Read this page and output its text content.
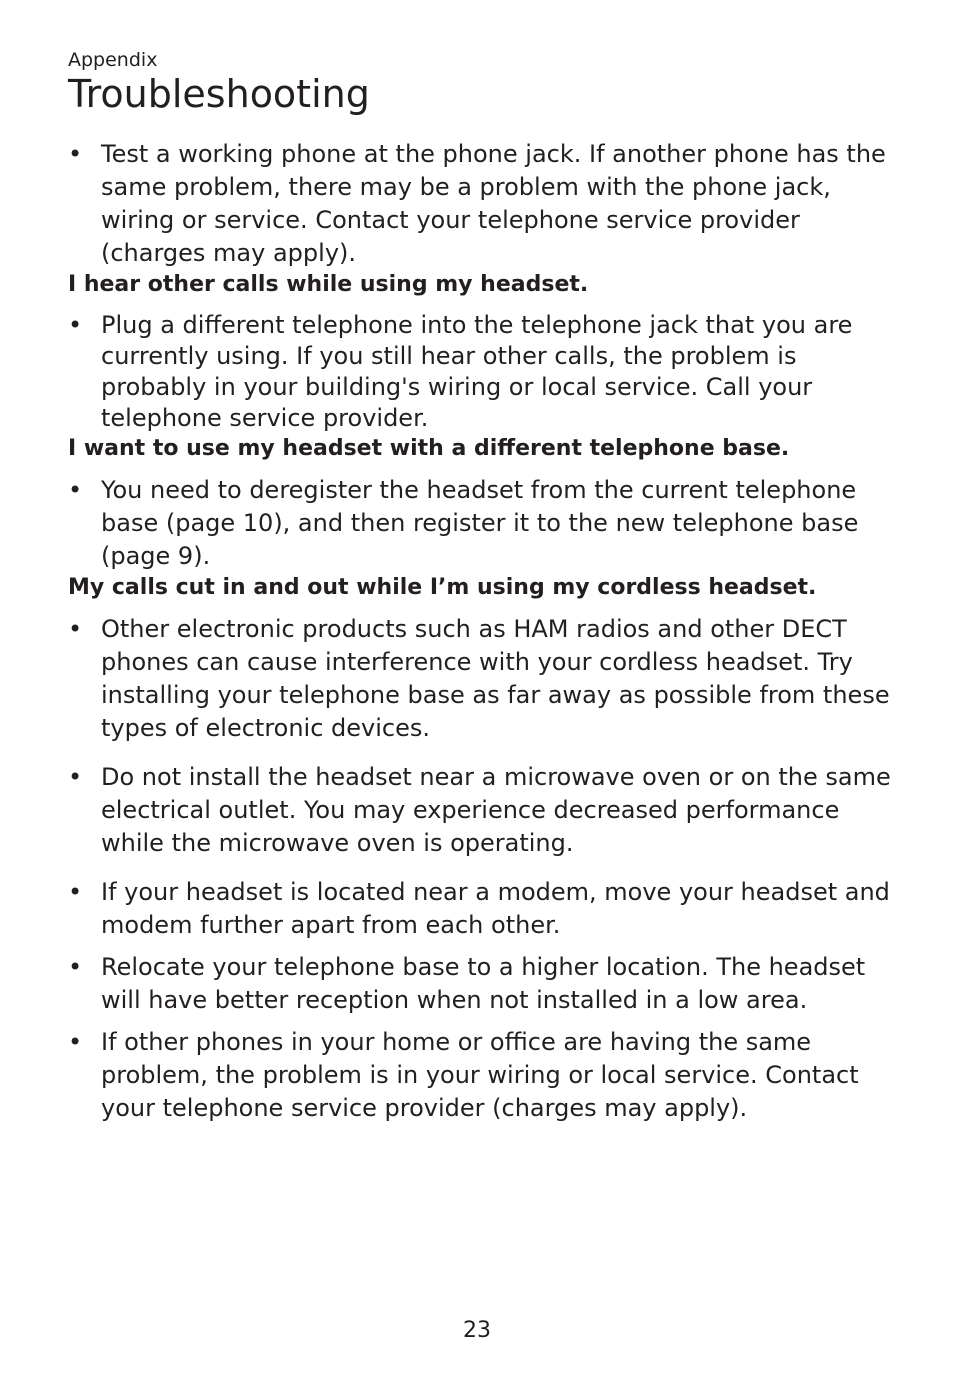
Appendix

Troubleshooting
• Test a working phone at the phone jack. If another phone has the same problem, there may be a problem with the phone jack, wiring or service. Contact your telephone service provider (charges may apply).

I hear other calls while using my headset.

• Plug a different telephone into the telephone jack that you are currently using. If you still hear other calls, the problem is probably in your building's wiring or local service. Call your telephone service provider.

I want to use my headset with a different telephone base.

• You need to deregister the headset from the current telephone base (page 10), and then register it to the new telephone base (page 9).

My calls cut in and out while I’m using my cordless headset.

• Other electronic products such as HAM radios and other DECT phones can cause interference with your cordless headset. Try installing your telephone base as far away as possible from these types of electronic devices.
• Do not install the headset near a microwave oven or on the same electrical outlet. You may experience decreased performance while the microwave oven is operating.
• If your headset is located near a modem, move your headset and modem further apart from each other.
• Relocate your telephone base to a higher location. The headset will have better reception when not installed in a low area.
• If other phones in your home or office are having the same problem, the problem is in your wiring or local service. Contact your telephone service provider (charges may apply).
23
